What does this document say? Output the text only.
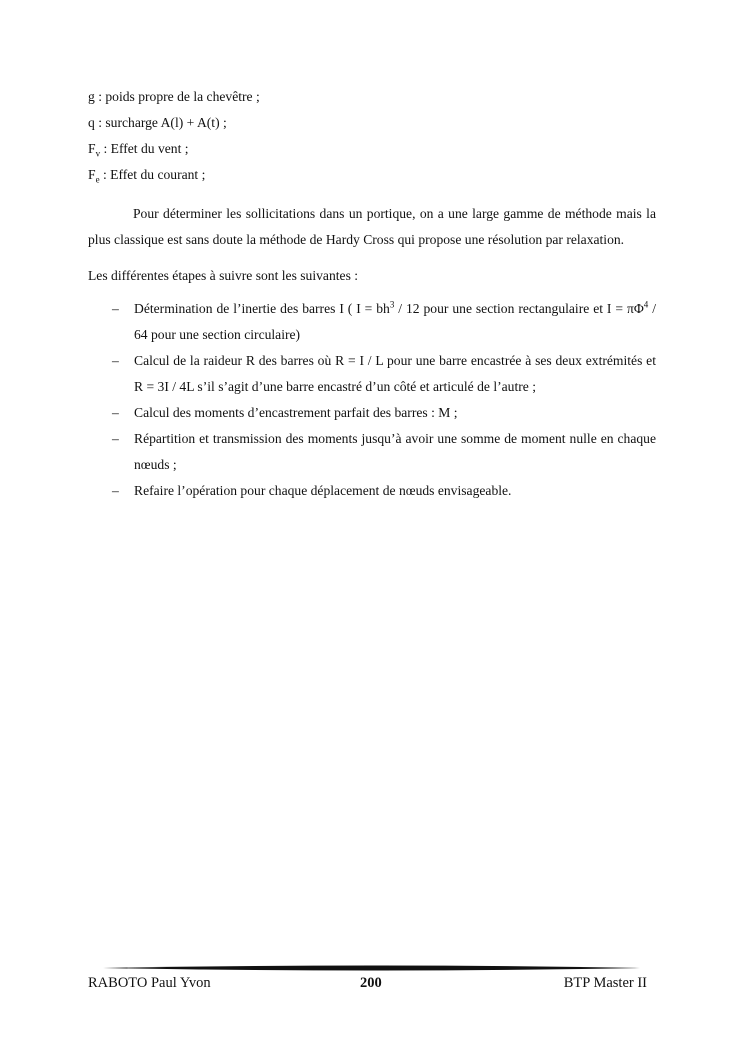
g : poids propre de la chevêtre ;

q : surcharge A(l) + A(t) ;

$F_v$ : Effet du vent ;

$F_e$ : Effet du courant ;

Pour déterminer les sollicitations dans un portique, on a une large gamme de méthode mais la plus classique est sans doute la méthode de Hardy Cross qui propose une résolution par relaxation.

Les différentes étapes à suivre sont les suivantes :

– Détermination de l’inertie des barres I ( $I = bh^3 / 12$ pour une section rectangulaire et $I = \pi\Phi^4 / 64$ pour une section circulaire)
– Calcul de la raideur R des barres où R = I / L pour une barre encastrée à ses deux extrémités et R = 3I / 4L s’il s’agit d’une barre encastré d’un côté et articulé de l’autre ;
– Calcul des moments d’encastrement parfait des barres : M ;
– Répartition et transmission des moments jusqu’à avoir une somme de moment nulle en chaque nœuds ;
– Refaire l’opération pour chaque déplacement de nœuds envisageable.
RABOTO Paul Yvon	200	BTP Master II
